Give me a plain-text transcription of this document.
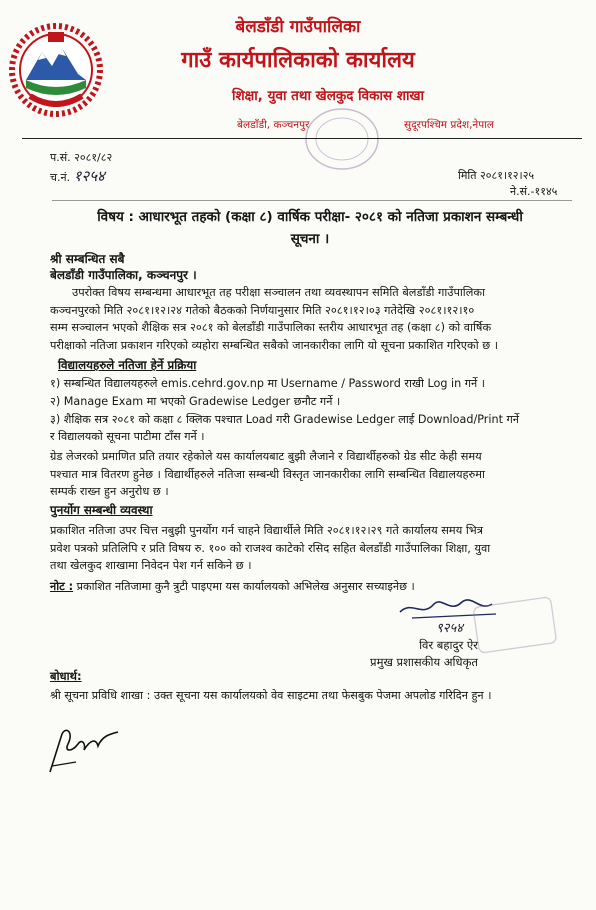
बेलडाँडी गाउँपालिका
गाउँ कार्यपालिकाको कार्यालय
शिक्षा, युवा तथा खेलकुद विकास शाखा
बेलडाँडी, कञ्चनपुर	सुदूरपश्चिम प्रदेश,नेपाल
प.सं. २०८१/८२
च.नं. १२५४	मिति २०८१।१२।२५
ने.सं.-११४५
विषय : आधारभूत तहको (कक्षा ८) वार्षिक परीक्षा- २०८१ को नतिजा प्रकाशन सम्बन्धी
सूचना ।
श्री सम्बन्धित सबै
बेलडाँडी गाउँपालिका, कञ्चनपुर ।
उपरोक्त विषय सम्बन्धमा आधारभूत तह परीक्षा सञ्चालन तथा व्यवस्थापन समिति बेलडाँडी गाउँपालिका
कञ्चनपुरको मिति २०८१।१२।२४ गतेको बैठकको निर्णयानुसार मिति २०८१।१२।०३ गतेदेखि २०८१।१२।१०
सम्म सञ्चालन भएको शैक्षिक सत्र २०८१ को बेलडाँडी गाउँपालिका स्तरीय आधारभूत तह (कक्षा ८) को वार्षिक
परीक्षाको नतिजा प्रकाशन गरिएको व्यहोरा सम्बन्धित सबैको जानकारीका लागि यो सूचना प्रकाशित गरिएको छ ।
विद्यालयहरुले नतिजा हेर्ने प्रक्रिया
१) सम्बन्धित विद्यालयहरुले emis.cehrd.gov.np मा Username / Password राखी Log in गर्ने ।
२) Manage Exam मा भएको Gradewise Ledger छनौट गर्ने ।
३) शैक्षिक सत्र २०८१ को कक्षा ८ क्लिक पश्चात Load गरी Gradewise Ledger लाई Download/Print गर्ने
र विद्यालयको सूचना पाटीमा टाँस गर्ने ।
ग्रेड लेजरको प्रमाणित प्रति तयार रहेकोले यस कार्यालयबाट बुझी लैजाने र विद्यार्थीहरुको ग्रेड सीट केही समय
पश्चात मात्र वितरण हुनेछ । विद्यार्थीहरुले नतिजा सम्बन्धी विस्तृत जानकारीका लागि सम्बन्धित विद्यालयहरुमा
सम्पर्क राख्न हुन अनुरोध छ ।
पुनर्योग सम्बन्धी व्यवस्था
प्रकाशित नतिजा उपर चित्त नबुझी पुनर्योग गर्न चाहने विद्यार्थीले मिति २०८१।१२।२९ गते कार्यालय समय भित्र
प्रवेश पत्रको प्रतिलिपि र प्रति विषय रु. १०० को राजश्व काटेको रसिद सहित बेलडाँडी गाउँपालिका शिक्षा, युवा
तथा खेलकुद शाखामा निवेदन पेश गर्न सकिने छ ।
नोट : प्रकाशित नतिजामा कुनै त्रुटी पाइएमा यस कार्यालयको अभिलेख अनुसार सच्याइनेछ ।
९२५४
विर बहादुर ऐर
प्रमुख प्रशासकीय अधिकृत
बोधार्थ:
श्री सूचना प्रविधि शाखा : उक्त सूचना यस कार्यालयको वेव साइटमा तथा फेसबुक पेजमा अपलोड गरिदिन हुन ।
